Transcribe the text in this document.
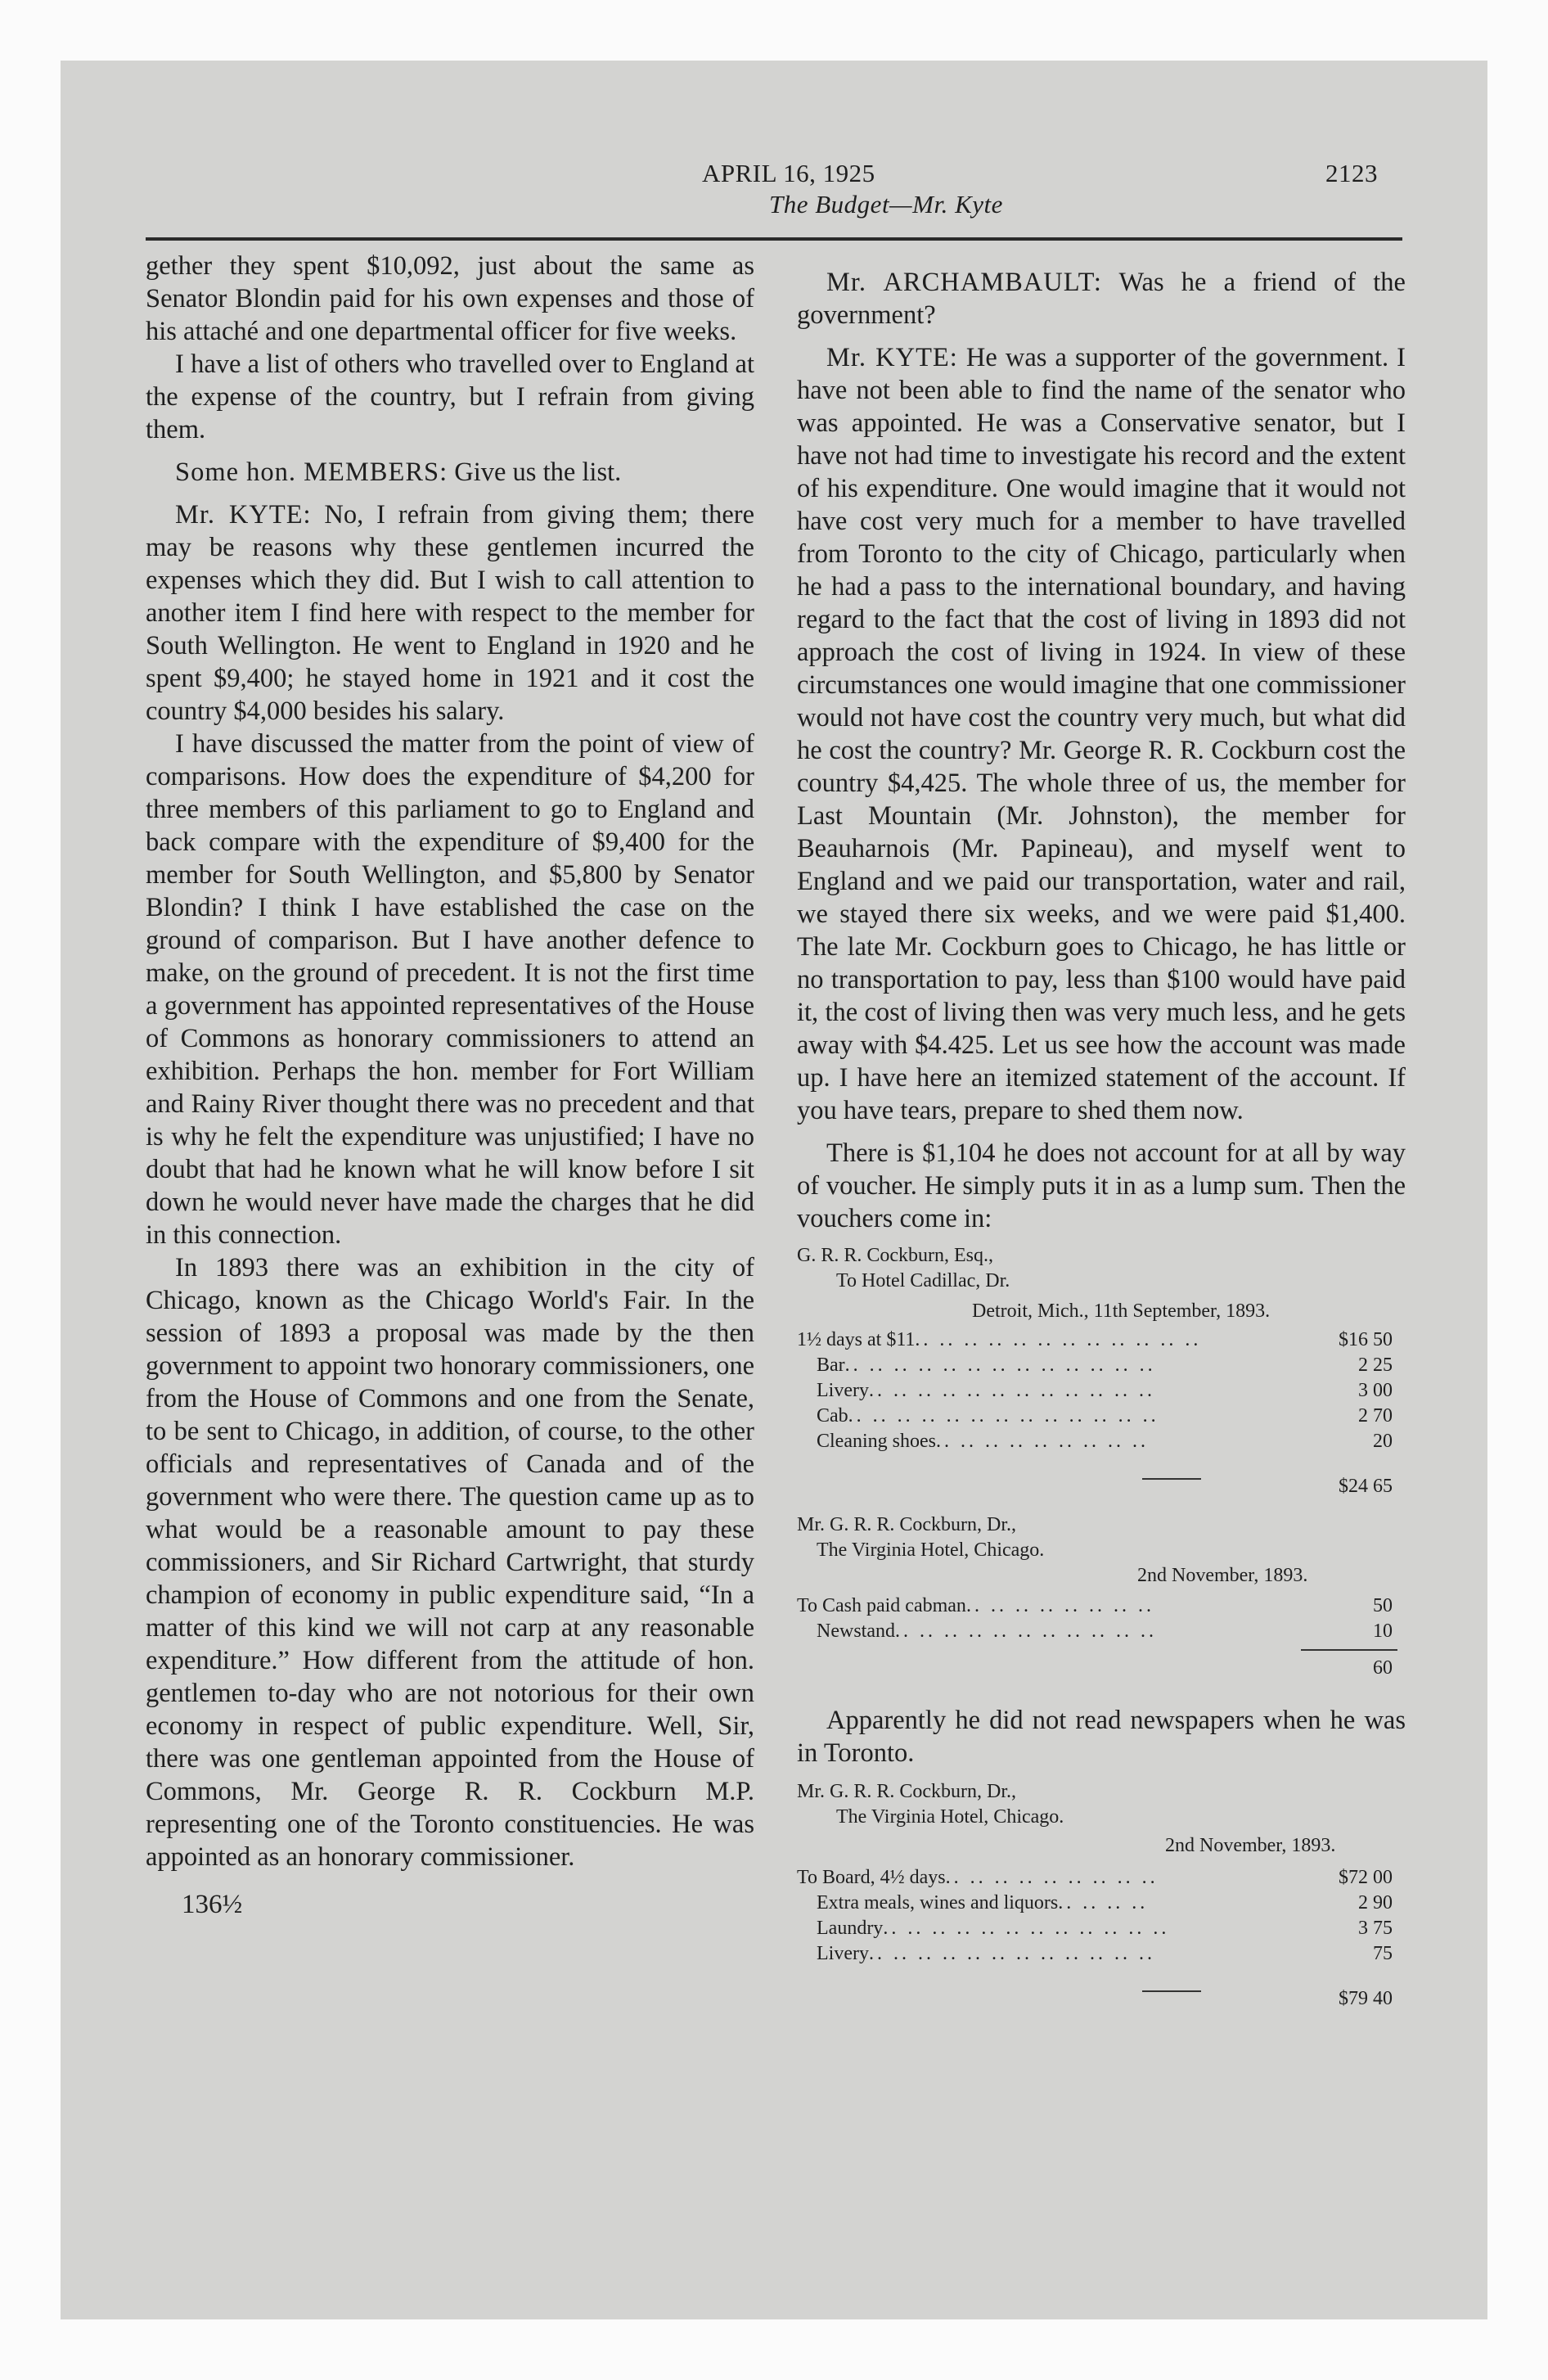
APRIL 16, 1925
The Budget—Mr. Kyte
2123

gether they spent $10,092, just about the same as Senator Blondin paid for his own expenses and those of his attaché and one departmental officer for five weeks.

I have a list of others who travelled over to England at the expense of the country, but I refrain from giving them.

Some hon. MEMBERS: Give us the list.

Mr. KYTE: No, I refrain from giving them; there may be reasons why these gentlemen incurred the expenses which they did. But I wish to call attention to another item I find here with respect to the member for South Wellington. He went to England in 1920 and he spent $9,400; he stayed home in 1921 and it cost the country $4,000 besides his salary.

I have discussed the matter from the point of view of comparisons. How does the expenditure of $4,200 for three members of this parliament to go to England and back compare with the expenditure of $9,400 for the member for South Wellington, and $5,800 by Senator Blondin? I think I have established the case on the ground of comparison. But I have another defence to make, on the ground of precedent. It is not the first time a government has appointed representatives of the House of Commons as honorary commissioners to attend an exhibition. Perhaps the hon. member for Fort William and Rainy River thought there was no precedent and that is why he felt the expenditure was unjustified; I have no doubt that had he known what he will know before I sit down he would never have made the charges that he did in this connection.

In 1893 there was an exhibition in the city of Chicago, known as the Chicago World's Fair. In the session of 1893 a proposal was made by the then government to appoint two honorary commissioners, one from the House of Commons and one from the Senate, to be sent to Chicago, in addition, of course, to the other officials and representatives of Canada and of the government who were there. The question came up as to what would be a reasonable amount to pay these commissioners, and Sir Richard Cartwright, that sturdy champion of economy in public expenditure said, “In a matter of this kind we will not carp at any reasonable expenditure.” How different from the attitude of hon. gentlemen to-day who are not notorious for their own economy in respect of public expenditure. Well, Sir, there was one gentleman appointed from the House of Commons, Mr. George R. R. Cockburn M.P. representing one of the Toronto constituencies. He was appointed as an honorary commissioner.

136½

Mr. ARCHAMBAULT: Was he a friend of the government?

Mr. KYTE: He was a supporter of the government. I have not been able to find the name of the senator who was appointed. He was a Conservative senator, but I have not had time to investigate his record and the extent of his expenditure. One would imagine that it would not have cost very much for a member to have travelled from Toronto to the city of Chicago, particularly when he had a pass to the international boundary, and having regard to the fact that the cost of living in 1893 did not approach the cost of living in 1924. In view of these circumstances one would imagine that one commissioner would not have cost the country very much, but what did he cost the country? Mr. George R. R. Cockburn cost the country $4,425. The whole three of us, the member for Last Mountain (Mr. Johnston), the member for Beauharnois (Mr. Papineau), and myself went to England and we paid our transportation, water and rail, we stayed there six weeks, and we were paid $1,400. The late Mr. Cockburn goes to Chicago, he has little or no transportation to pay, less than $100 would have paid it, the cost of living then was very much less, and he gets away with $4.425. Let us see how the account was made up. I have here an itemized statement of the account. If you have tears, prepare to shed them now.

There is $1,104 he does not account for at all by way of voucher. He simply puts it in as a lump sum. Then the vouchers come in:

G. R. R. Cockburn, Esq.,
To Hotel Cadillac, Dr.
Detroit, Mich., 11th September, 1893.
1½ days at $11.. .. .. .. .. .. .. .. .. .. .. ..	$16 50
Bar.. .. .. .. .. .. .. .. .. .. .. .. ..	2 25
Livery.. .. .. .. .. .. .. .. .. .. .. ..	3 00
Cab.. .. .. .. .. .. .. .. .. .. .. .. ..	2 70
Cleaning shoes.. .. .. .. .. .. .. .. ..	20
$24 65
Mr. G. R. R. Cockburn, Dr.,
The Virginia Hotel, Chicago.
2nd November, 1893.
To Cash paid cabman.. .. .. .. .. .. .. ..	50
Newstand.. .. .. .. .. .. .. .. .. .. ..	10
60

Apparently he did not read newspapers when he was in Toronto.

Mr. G. R. R. Cockburn, Dr.,
The Virginia Hotel, Chicago.
2nd November, 1893.
To Board, 4½ days.. .. .. .. .. .. .. .. ..	$72 00
Extra meals, wines and liquors.. .. .. ..	2 90
Laundry.. .. .. .. .. .. .. .. .. .. .. ..	3 75
Livery.. .. .. .. .. .. .. .. .. .. .. ..	75
$79 40
